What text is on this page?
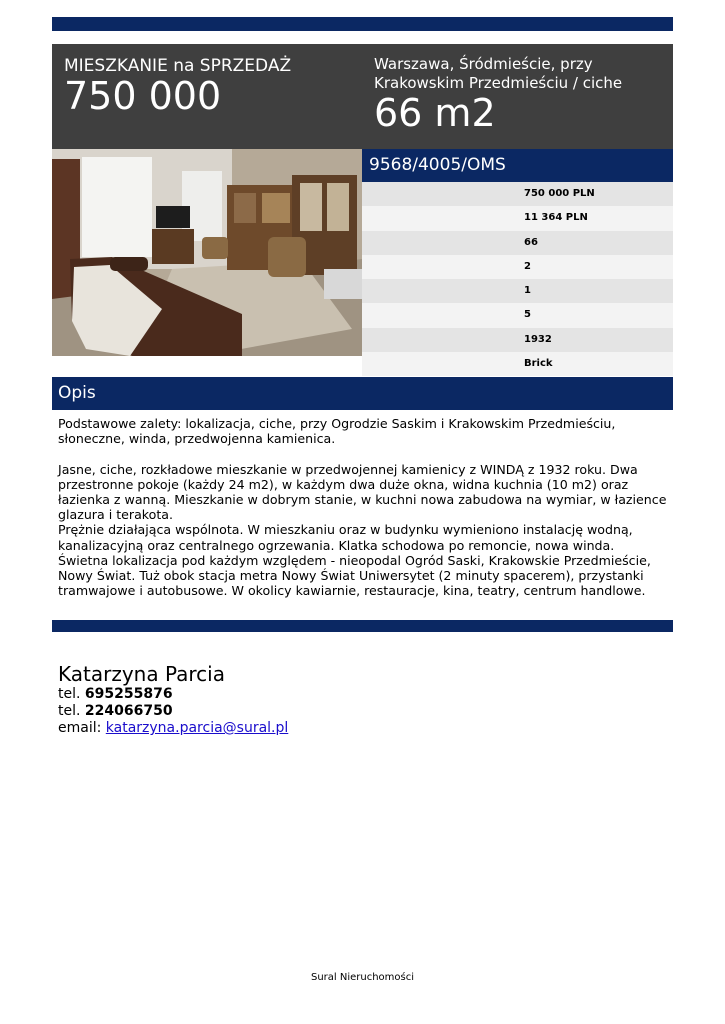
MIESZKANIE na SPRZEDAŻ
750 000
Warszawa, Śródmieście, przy Krakowskim Przedmieściu / ciche
66 m2
9568/4005/OMS
750 000 PLN
11 364 PLN
66
2
1
5
1932
Brick
Opis

Podstawowe zalety: lokalizacja, ciche, przy Ogrodzie Saskim i Krakowskim Przedmieściu, słoneczne, winda, przedwojenna kamienica.

Jasne, ciche, rozkładowe mieszkanie w przedwojennej kamienicy z WINDĄ z 1932 roku. Dwa przestronne pokoje (każdy 24 m2), w każdym dwa duże okna, widna kuchnia (10 m2) oraz łazienka z wanną. Mieszkanie w dobrym stanie, w kuchni nowa zabudowa na wymiar, w łazience glazura i terakota.

Prężnie działająca wspólnota. W mieszkaniu oraz w budynku wymieniono instalację wodną, kanalizacyjną oraz centralnego ogrzewania. Klatka schodowa po remoncie, nowa winda.

Świetna lokalizacja pod każdym względem - nieopodal Ogród Saski, Krakowskie Przedmieście, Nowy Świat. Tuż obok stacja metra Nowy Świat Uniwersytet (2 minuty spacerem), przystanki tramwajowe i autobusowe. W okolicy kawiarnie, restauracje, kina, teatry, centrum handlowe.

Katarzyna Parcia
tel. 695255876
tel. 224066750
email: katarzyna.parcia@sural.pl
Sural Nieruchomości
